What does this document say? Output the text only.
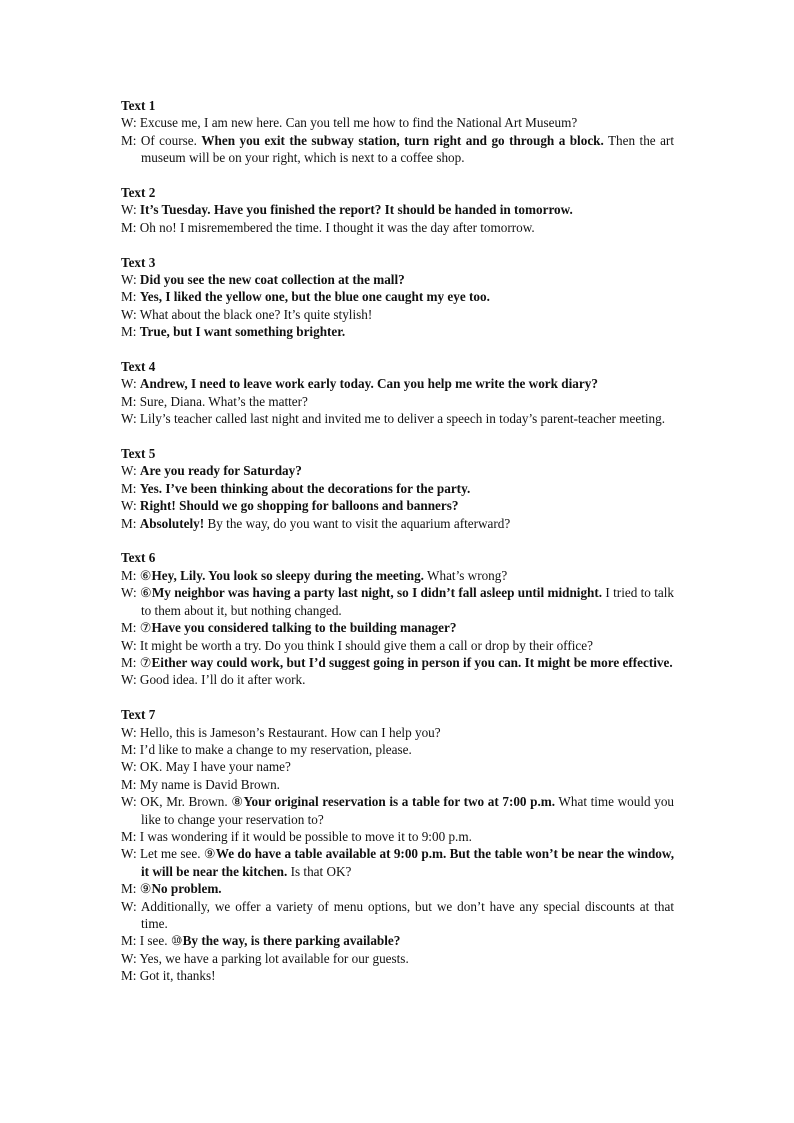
Text 1
W: Excuse me, I am new here. Can you tell me how to find the National Art Museum?
M: Of course. When you exit the subway station, turn right and go through a block. Then the art museum will be on your right, which is next to a coffee shop.
Text 2
W: It’s Tuesday. Have you finished the report? It should be handed in tomorrow.
M: Oh no! I misremembered the time. I thought it was the day after tomorrow.
Text 3
W: Did you see the new coat collection at the mall?
M: Yes, I liked the yellow one, but the blue one caught my eye too.
W: What about the black one? It’s quite stylish!
M: True, but I want something brighter.
Text 4
W: Andrew, I need to leave work early today. Can you help me write the work diary?
M: Sure, Diana. What’s the matter?
W: Lily’s teacher called last night and invited me to deliver a speech in today’s parent-teacher meeting.
Text 5
W: Are you ready for Saturday?
M: Yes. I’ve been thinking about the decorations for the party.
W: Right! Should we go shopping for balloons and banners?
M: Absolutely! By the way, do you want to visit the aquarium afterward?
Text 6
M: ⑥Hey, Lily. You look so sleepy during the meeting. What’s wrong?
W: ⑥My neighbor was having a party last night, so I didn’t fall asleep until midnight. I tried to talk to them about it, but nothing changed.
M: ⑦Have you considered talking to the building manager?
W: It might be worth a try. Do you think I should give them a call or drop by their office?
M: ⑦Either way could work, but I’d suggest going in person if you can. It might be more effective.
W: Good idea. I’ll do it after work.
Text 7
W: Hello, this is Jameson’s Restaurant. How can I help you?
M: I’d like to make a change to my reservation, please.
W: OK. May I have your name?
M: My name is David Brown.
W: OK, Mr. Brown. ⑧Your original reservation is a table for two at 7:00 p.m. What time would you like to change your reservation to?
M: I was wondering if it would be possible to move it to 9:00 p.m.
W: Let me see. ⑨We do have a table available at 9:00 p.m. But the table won’t be near the window, it will be near the kitchen. Is that OK?
M: ⑨No problem.
W: Additionally, we offer a variety of menu options, but we don’t have any special discounts at that time.
M: I see. ⑩By the way, is there parking available?
W: Yes, we have a parking lot available for our guests.
M: Got it, thanks!
